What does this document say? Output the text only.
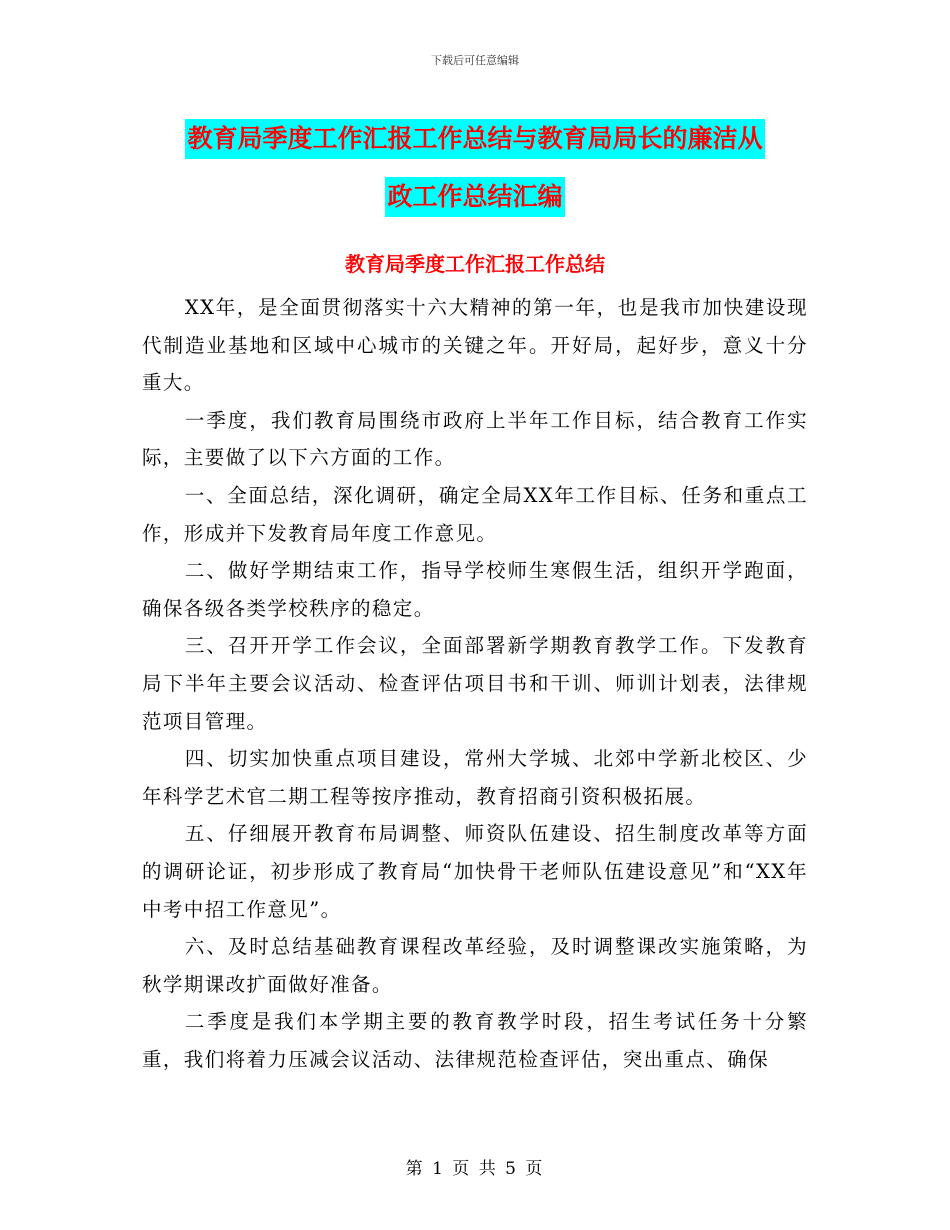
下载后可任意编辑
教育局季度工作汇报工作总结与教育局局长的廉洁从
政工作总结汇编
教育局季度工作汇报工作总结

XX年，是全面贯彻落实十六大精神的第一年，也是我市加快建设现代制造业基地和区域中心城市的关键之年。开好局，起好步，意义十分重大。

一季度，我们教育局围绕市政府上半年工作目标，结合教育工作实际，主要做了以下六方面的工作。

一、全面总结，深化调研，确定全局XX年工作目标、任务和重点工作，形成并下发教育局年度工作意见。

二、做好学期结束工作，指导学校师生寒假生活，组织开学跑面，确保各级各类学校秩序的稳定。

三、召开开学工作会议，全面部署新学期教育教学工作。下发教育局下半年主要会议活动、检查评估项目书和干训、师训计划表，法律规范项目管理。

四、切实加快重点项目建设，常州大学城、北郊中学新北校区、少年科学艺术官二期工程等按序推动，教育招商引资积极拓展。

五、仔细展开教育布局调整、师资队伍建设、招生制度改革等方面的调研论证，初步形成了教育局“加快骨干老师队伍建设意见”和“XX年中考中招工作意见”。

六、及时总结基础教育课程改革经验，及时调整课改实施策略，为秋学期课改扩面做好准备。

二季度是我们本学期主要的教育教学时段，招生考试任务十分繁重，我们将着力压减会议活动、法律规范检查评估，突出重点、确保

第 1 页 共 5 页
